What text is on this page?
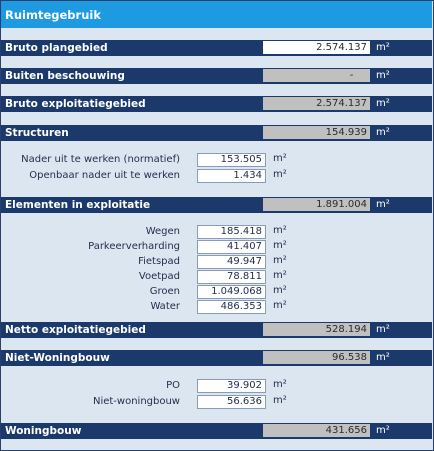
Ruimtegebruik
Bruto plangebied	2.574.137 m²
Buiten beschouwing	-	m²
Bruto exploitatiegebied	2.574.137 m²
Structuren	154.939 m²
Nader uit te werken (normatief)	153.505	m²
Openbaar nader uit te werken	1.434	m²
Elementen in exploitatie	1.891.004 m²
Wegen	185.418	m²
Parkeerverharding	41.407	m²
Fietspad	49.947	m²
Voetpad	78.811	m²
Groen	1.049.068	m²
Water	486.353	m²
Netto exploitatiegebied	528.194 m²
Niet-Woningbouw	96.538 m²
PO	39.902	m²
Niet-woningbouw	56.636	m²
Woningbouw	431.656 m²
